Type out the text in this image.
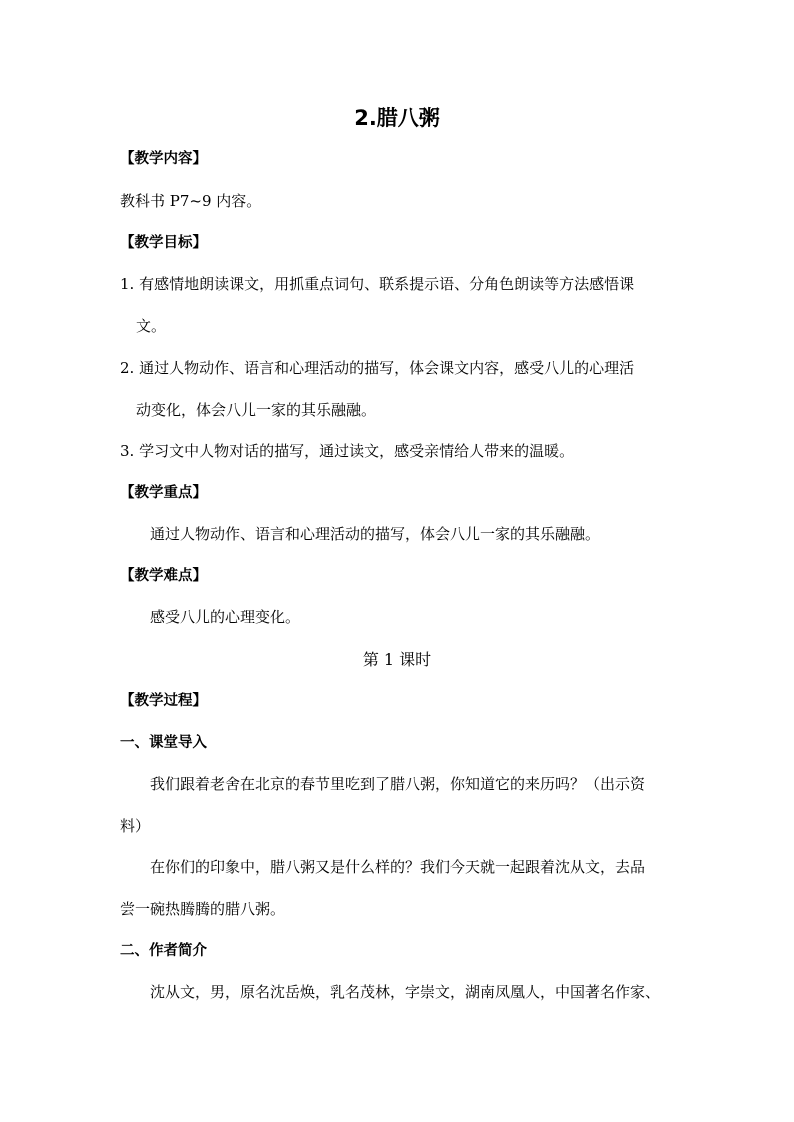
2.腊八粥
【教学内容】
教科书 P7~9 内容。
【教学目标】
1. 有感情地朗读课文，用抓重点词句、联系提示语、分角色朗读等方法感悟课
文。
2. 通过人物动作、语言和心理活动的描写，体会课文内容，感受八儿的心理活
动变化，体会八儿一家的其乐融融。
3. 学习文中人物对话的描写，通过读文，感受亲情给人带来的温暖。
【教学重点】
通过人物动作、语言和心理活动的描写，体会八儿一家的其乐融融。
【教学难点】
感受八儿的心理变化。
第 1 课时
【教学过程】
一、课堂导入
我们跟着老舍在北京的春节里吃到了腊八粥，你知道它的来历吗？（出示资
料）
在你们的印象中，腊八粥又是什么样的？我们今天就一起跟着沈从文，去品
尝一碗热腾腾的腊八粥。
二、作者简介
沈从文，男，原名沈岳焕，乳名茂林，字崇文，湖南凤凰人，中国著名作家、
